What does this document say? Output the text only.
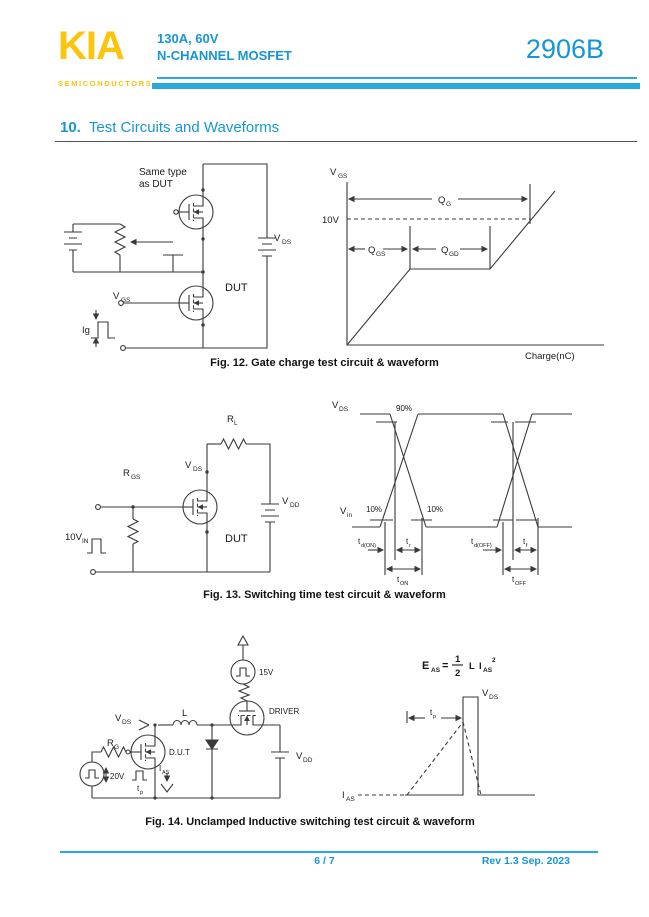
KIA
SEMICONDUCTORS
130A, 60V
N-CHANNEL MOSFET	2906B
10. Test Circuits and Waveforms
Same type
as DUT
DUT
V DS
V GS
Ig
V GS
10V
Q G
Q GS	Q GD
Charge(nC)
Fig. 12. Gate charge test circuit & waveform
R L
V DS
DUT
V DD
R GS
10V IN
V DS
V in
90%
10%	10%
t d(ON)	t r	t d(OFF)	t f
t ON	t OFF
Fig. 13. Switching time test circuit & waveform
15V
DRIVER
V DS
L
D.U.T
R G
20V
t p
I AS
V DD
E AS =
1
2
L I AS
2
t p
V DS
I AS
Fig. 14. Unclamped Inductive switching test circuit & waveform
6 / 7	Rev 1.3 Sep. 2023
